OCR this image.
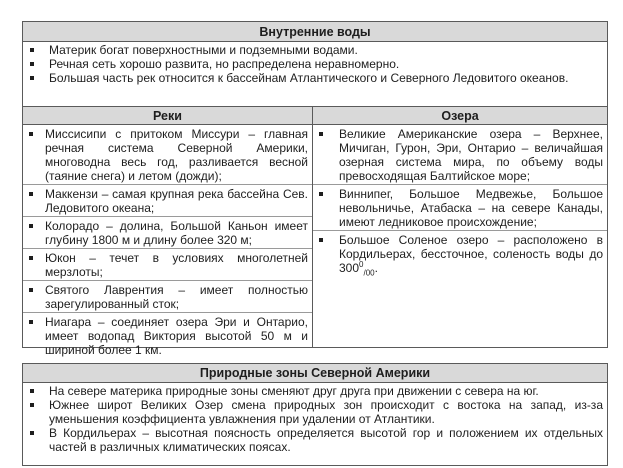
Внутренние воды
Материк богат поверхностными и подземными водами.
Речная сеть хорошо развита, но распределена неравномерно.
Большая часть рек относится к бассейнам Атлантического и Северного Ледовитого океанов.
Реки
Миссисипи с притоком Миссури – главная речная система Северной Америки, многоводна весь год, разливается весной (таяние снега) и летом (дожди);
Маккензи – самая крупная река бассейна Сев. Ледовитого океана;
Колорадо – долина, Большой Каньон имеет глубину 1800 м и длину более 320 м;
Юкон – течет в условиях многолетней мерзлоты;
Святого Лаврентия – имеет полностью зарегулированный сток;
Ниагара – соединяет озера Эри и Онтарио, имеет водопад Виктория высотой 50 м и шириной более 1 км.
Озера
Великие Американские озера – Верхнее, Мичиган, Гурон, Эри, Онтарио – величайшая озерная система мира, по объему воды превосходящая Балтийское море;
Виннипег, Большое Медвежье, Большое невольничье, Атабаска – на севере Канады, имеют ледниковое происхождение;
Большое Соленое озеро – расположено в Кордильерах, бессточное, соленость воды до $300^0_{/00}$.
Природные зоны Северной Америки
На севере материка природные зоны сменяют друг друга при движении с севера на юг.
Южнее широт Великих Озер смена природных зон происходит с востока на запад, из-за уменьшения коэффициента увлажнения при удалении от Атлантики.
В Кордильерах – высотная поясность определяется высотой гор и положением их отдельных частей в различных климатических поясах.
